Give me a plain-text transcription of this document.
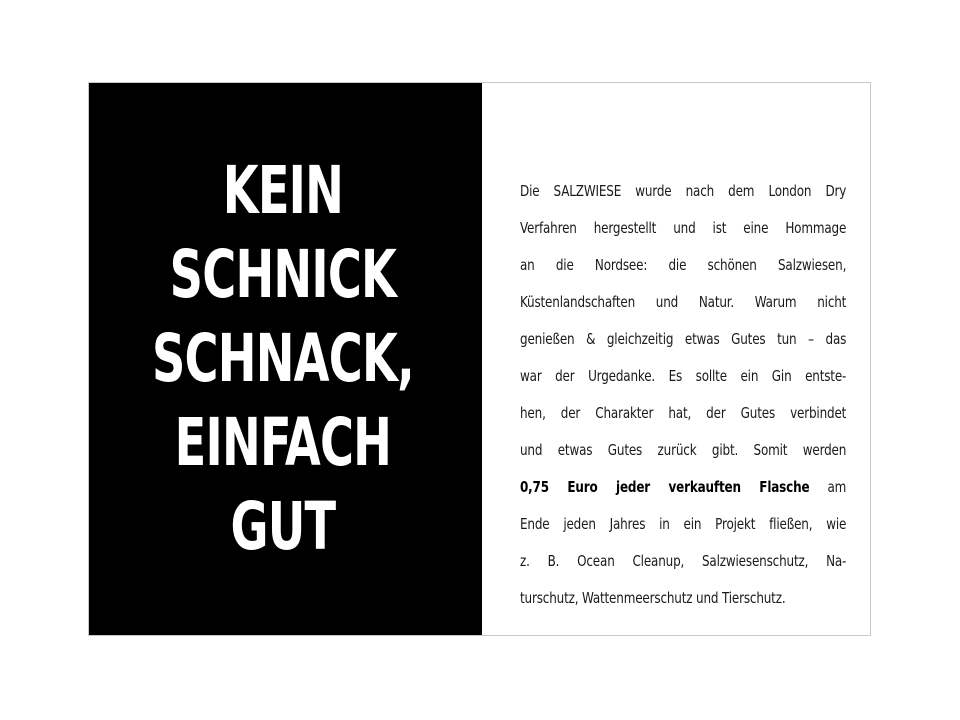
KEIN
SCHNICK
SCHNACK,
EINFACH
GUT

Die SALZWIESE wurde nach dem London Dry
Verfahren hergestellt und ist eine Hommage
an die Nordsee: die schönen Salzwiesen,
Küstenlandschaften und Natur. Warum nicht
genießen & gleichzeitig etwas Gutes tun – das
war der Urgedanke. Es sollte ein Gin entste-
hen, der Charakter hat, der Gutes verbindet
und etwas Gutes zurück gibt. Somit werden
0,75 Euro jeder verkauften Flasche am
Ende jeden Jahres in ein Projekt fließen, wie
z. B. Ocean Cleanup, Salzwiesenschutz, Na-
turschutz, Wattenmeerschutz und Tierschutz.
